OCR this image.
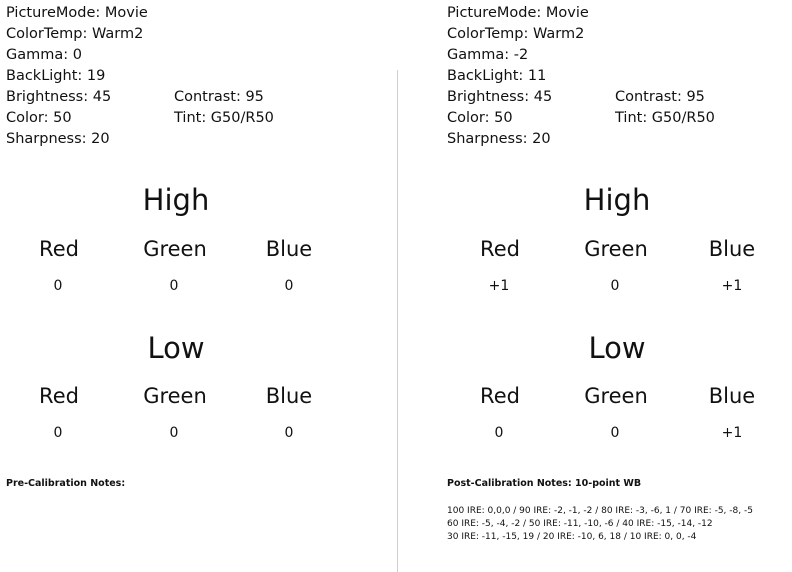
PictureMode: Movie
ColorTemp: Warm2
Gamma: 0
BackLight: 19
Brightness: 45	Contrast: 95
Color: 50	Tint: G50/R50
Sharpness: 20
High
Red	Green	Blue
0	0	0
Low
Red	Green	Blue
0	0	0
Pre-Calibration Notes:
PictureMode: Movie
ColorTemp: Warm2
Gamma: -2
BackLight: 11
Brightness: 45	Contrast: 95
Color: 50	Tint: G50/R50
Sharpness: 20
High
Red	Green	Blue
+1	0	+1
Low
Red	Green	Blue
0	0	+1
Post-Calibration Notes: 10-point WB
100 IRE: 0,0,0 / 90 IRE: -2, -1, -2 / 80 IRE: -3, -6, 1 / 70 IRE: -5, -8, -5
60 IRE: -5, -4, -2 / 50 IRE: -11, -10, -6 / 40 IRE: -15, -14, -12
30 IRE: -11, -15, 19 / 20 IRE: -10, 6, 18 / 10 IRE: 0, 0, -4
